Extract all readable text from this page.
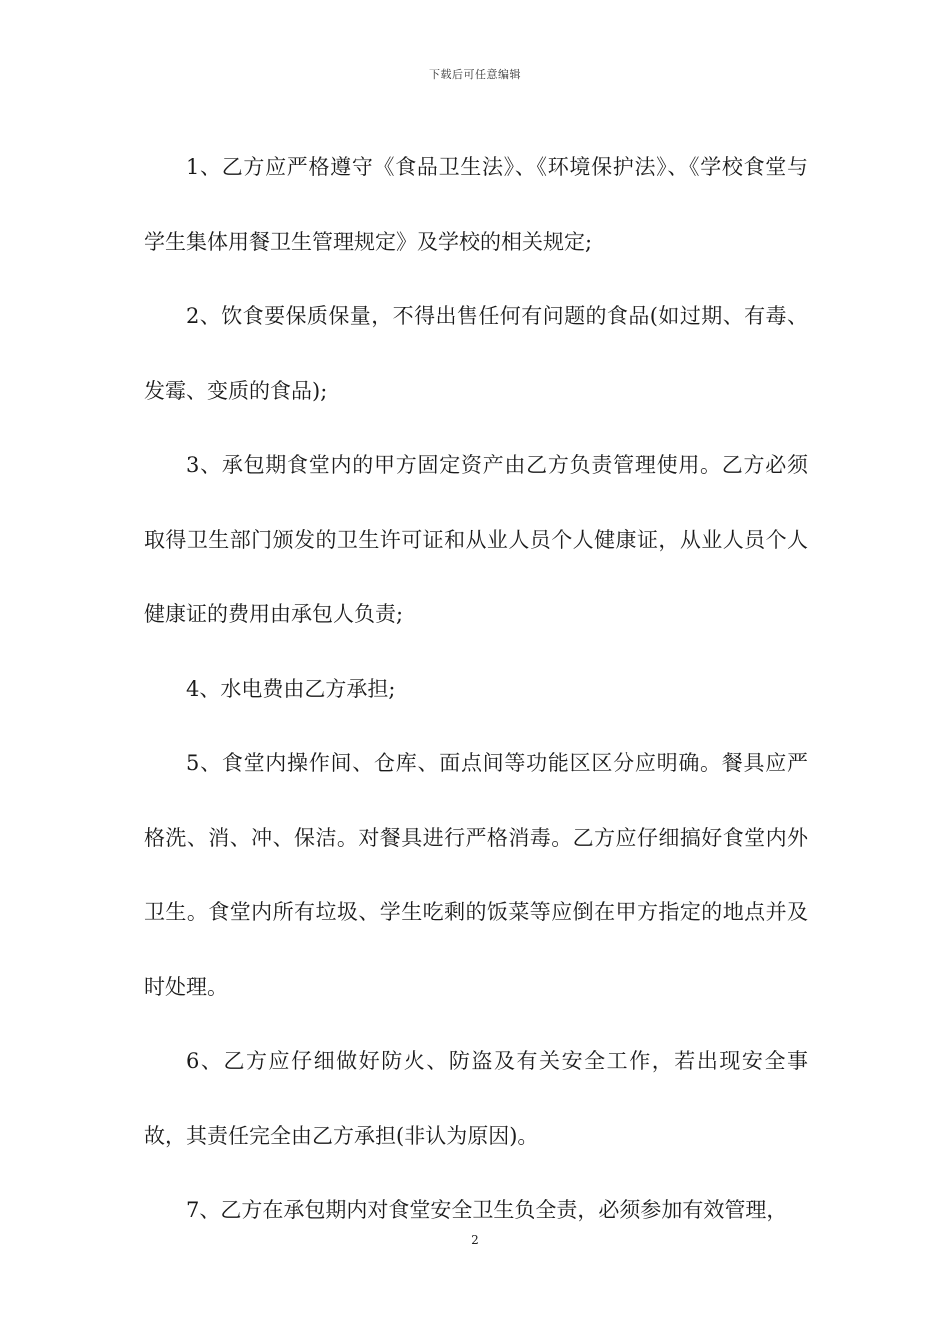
下载后可任意编辑

1、乙方应严格遵守《食品卫生法》、《环境保护法》、《学校食堂与学生集体用餐卫生管理规定》及学校的相关规定;

2、饮食要保质保量，不得出售任何有问题的食品(如过期、有毒、发霉、变质的食品);

3、承包期食堂内的甲方固定资产由乙方负责管理使用。乙方必须取得卫生部门颁发的卫生许可证和从业人员个人健康证，从业人员个人健康证的费用由承包人负责;

4、水电费由乙方承担;

5、食堂内操作间、仓库、面点间等功能区区分应明确。餐具应严格洗、消、冲、保洁。对餐具进行严格消毒。乙方应仔细搞好食堂内外卫生。食堂内所有垃圾、学生吃剩的饭菜等应倒在甲方指定的地点并及时处理。

6、乙方应仔细做好防火、防盗及有关安全工作，若出现安全事故，其责任完全由乙方承担(非认为原因)。

7、乙方在承包期内对食堂安全卫生负全责，必须参加有效管理，

2
